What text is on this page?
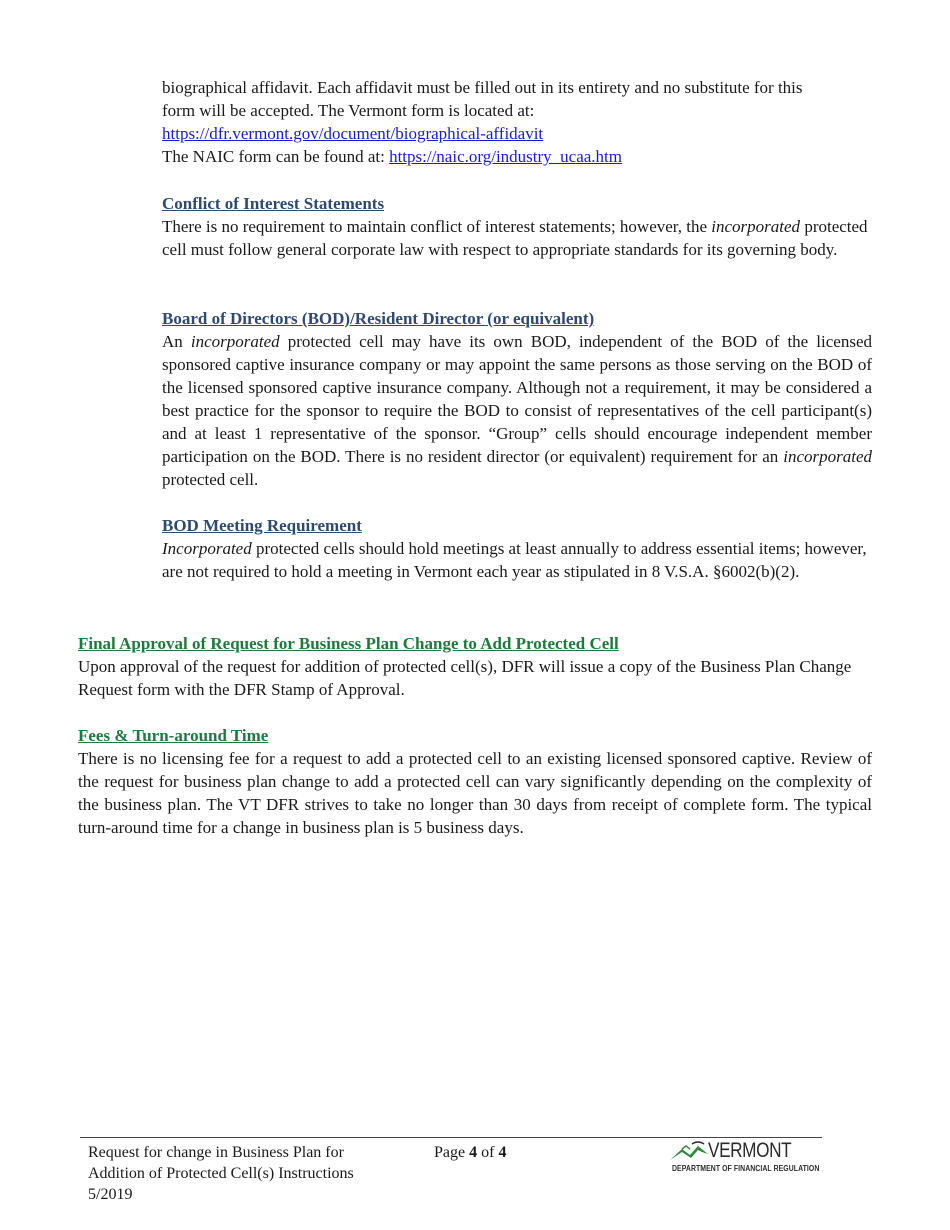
biographical affidavit. Each affidavit must be filled out in its entirety and no substitute for this

form will be accepted. The Vermont form is located at:

https://dfr.vermont.gov/document/biographical-affidavit

The NAIC form can be found at: https://naic.org/industry_ucaa.htm

Conflict of Interest Statements

There is no requirement to maintain conflict of interest statements; however, the incorporated protected cell must follow general corporate law with respect to appropriate standards for its governing body.

Board of Directors (BOD)/Resident Director (or equivalent)

An incorporated protected cell may have its own BOD, independent of the BOD of the licensed sponsored captive insurance company or may appoint the same persons as those serving on the BOD of the licensed sponsored captive insurance company. Although not a requirement, it may be considered a best practice for the sponsor to require the BOD to consist of representatives of the cell participant(s) and at least 1 representative of the sponsor. “Group” cells should encourage independent member participation on the BOD. There is no resident director (or equivalent) requirement for an incorporated protected cell.

BOD Meeting Requirement

Incorporated protected cells should hold meetings at least annually to address essential items; however, are not required to hold a meeting in Vermont each year as stipulated in 8 V.S.A. §6002(b)(2).

Final Approval of Request for Business Plan Change to Add Protected Cell

Upon approval of the request for addition of protected cell(s), DFR will issue a copy of the Business Plan Change Request form with the DFR Stamp of Approval.

Fees & Turn-around Time

There is no licensing fee for a request to add a protected cell to an existing licensed sponsored captive. Review of the request for business plan change to add a protected cell can vary significantly depending on the complexity of the business plan. The VT DFR strives to take no longer than 30 days from receipt of complete form. The typical turn-around time for a change in business plan is 5 business days.

Request for change in Business Plan for
Addition of Protected Cell(s) Instructions
5/2019
Page 4 of 4	VERMONT
DEPARTMENT OF FINANCIAL REGULATION
